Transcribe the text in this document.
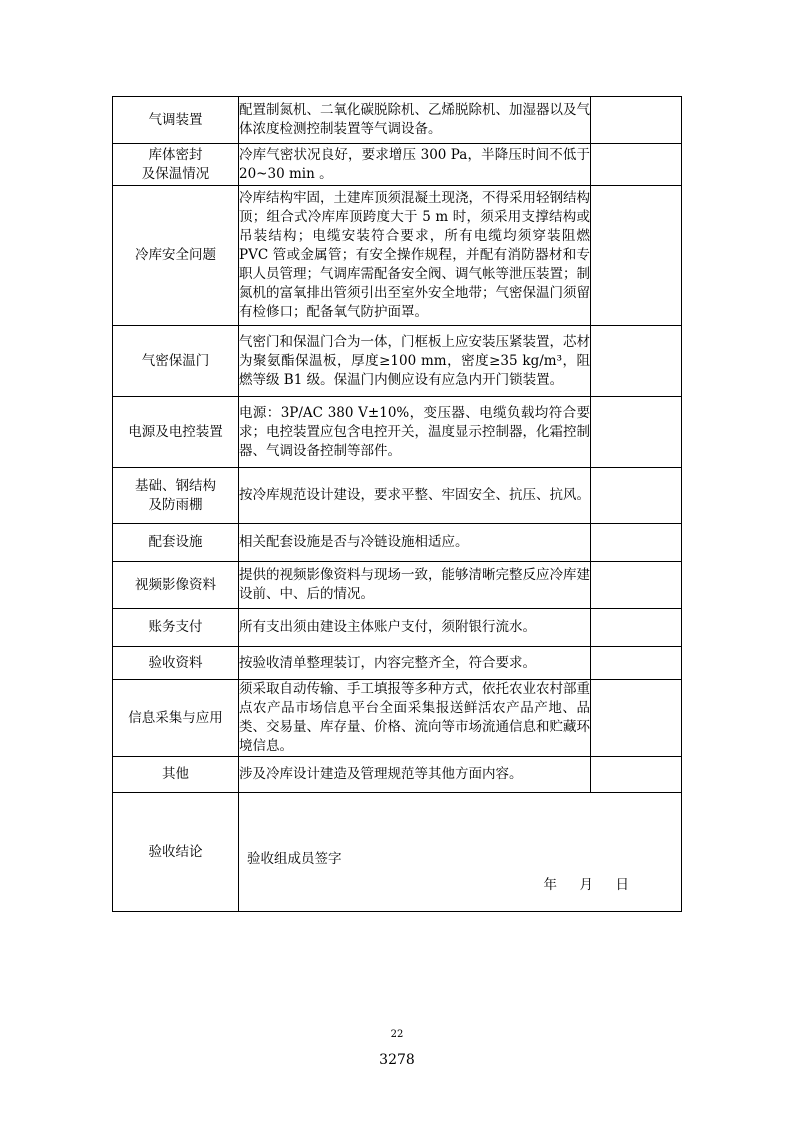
气调装置	配置制氮机、二氧化碳脱除机、乙烯脱除机、加湿器以及气体浓度检测控制装置等气调设备。	
库体密封
及保温情况	冷库气密状况良好，要求增压 300 Pa，半降压时间不低于 20~30 min 。	
冷库安全问题	冷库结构牢固，土建库顶须混凝土现浇，不得采用轻钢结构顶；组合式冷库库顶跨度大于 5 m 时，须采用支撑结构或吊装结构；电缆安装符合要求，所有电缆均须穿装阻燃 PVC 管或金属管；有安全操作规程，并配有消防器材和专职人员管理；气调库需配备安全阀、调气帐等泄压装置；制氮机的富氧排出管须引出至室外安全地带；气密保温门须留有检修口；配备氧气防护面罩。	
气密保温门	气密门和保温门合为一体，门框板上应安装压紧装置，芯材为聚氨酯保温板，厚度≥100 mm，密度≥35 kg/m³，阻燃等级 B1 级。保温门内侧应设有应急内开门锁装置。	
电源及电控装置	电源：3P/AC 380 V±10%，变压器、电缆负载均符合要求；电控装置应包含电控开关，温度显示控制器，化霜控制器、气调设备控制等部件。	
基础、钢结构
及防雨棚	按冷库规范设计建设，要求平整、牢固安全、抗压、抗风。	
配套设施	相关配套设施是否与冷链设施相适应。	
视频影像资料	提供的视频影像资料与现场一致，能够清晰完整反应冷库建设前、中、后的情况。	
账务支付	所有支出须由建设主体账户支付，须附银行流水。	
验收资料	按验收清单整理装订，内容完整齐全，符合要求。	
信息采集与应用	须采取自动传输、手工填报等多种方式，依托农业农村部重点农产品市场信息平台全面采集报送鲜活农产品产地、品类、交易量、库存量、价格、流向等市场流通信息和贮藏环境信息。	
其他	涉及冷库设计建造及管理规范等其他方面内容。	
验收结论	验收组成员签字
年 月 日	
22
3278
